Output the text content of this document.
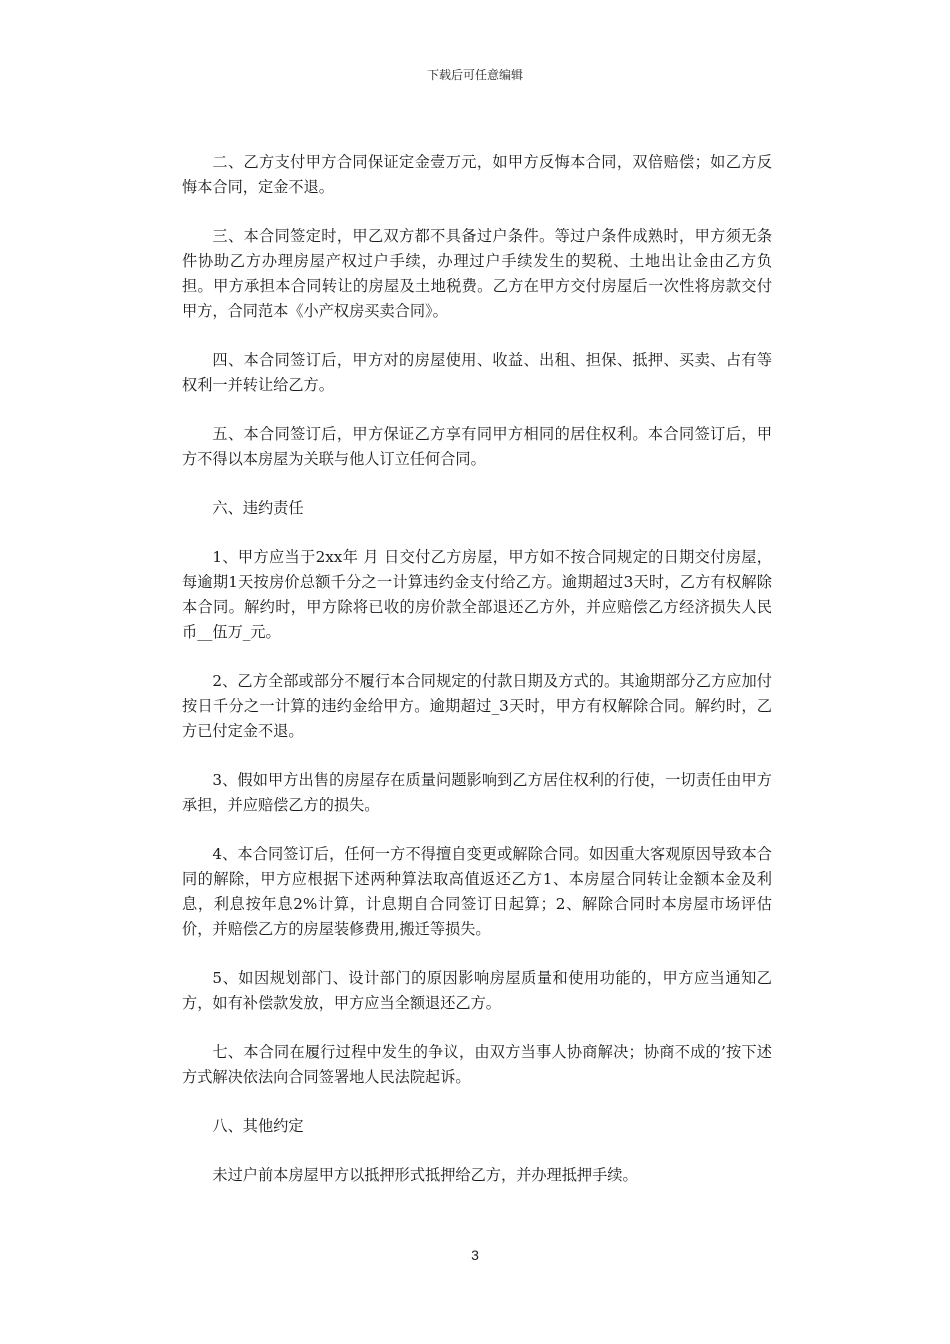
下载后可任意编辑

二、乙方支付甲方合同保证定金壹万元，如甲方反悔本合同，双倍赔偿；如乙方反悔本合同，定金不退。

三、本合同签定时，甲乙双方都不具备过户条件。等过户条件成熟时，甲方须无条件协助乙方办理房屋产权过户手续，办理过户手续发生的契税、土地出让金由乙方负担。甲方承担本合同转让的房屋及土地税费。乙方在甲方交付房屋后一次性将房款交付甲方，合同范本《小产权房买卖合同》。

四、本合同签订后，甲方对的房屋使用、收益、出租、担保、抵押、买卖、占有等权利一并转让给乙方。

五、本合同签订后，甲方保证乙方享有同甲方相同的居住权利。本合同签订后，甲方不得以本房屋为关联与他人订立任何合同。

六、违约责任

1、甲方应当于2xx年 月 日交付乙方房屋，甲方如不按合同规定的日期交付房屋，每逾期1天按房价总额千分之一计算违约金支付给乙方。逾期超过3天时，乙方有权解除本合同。解约时，甲方除将已收的房价款全部退还乙方外，并应赔偿乙方经济损失人民币__伍万_元。

2、乙方全部或部分不履行本合同规定的付款日期及方式的。其逾期部分乙方应加付按日千分之一计算的违约金给甲方。逾期超过_3天时，甲方有权解除合同。解约时，乙方已付定金不退。

3、假如甲方出售的房屋存在质量问题影响到乙方居住权利的行使，一切责任由甲方承担，并应赔偿乙方的损失。

4、本合同签订后，任何一方不得擅自变更或解除合同。如因重大客观原因导致本合同的解除，甲方应根据下述两种算法取高值返还乙方1、本房屋合同转让金额本金及利息，利息按年息2%计算，计息期自合同签订日起算；2、解除合同时本房屋市场评估价，并赔偿乙方的房屋装修费用,搬迁等损失。

5、如因规划部门、设计部门的原因影响房屋质量和使用功能的，甲方应当通知乙方，如有补偿款发放，甲方应当全额退还乙方。

七、本合同在履行过程中发生的争议，由双方当事人协商解决；协商不成的’按下述方式解决依法向合同签署地人民法院起诉。

八、其他约定

未过户前本房屋甲方以抵押形式抵押给乙方，并办理抵押手续。

3
